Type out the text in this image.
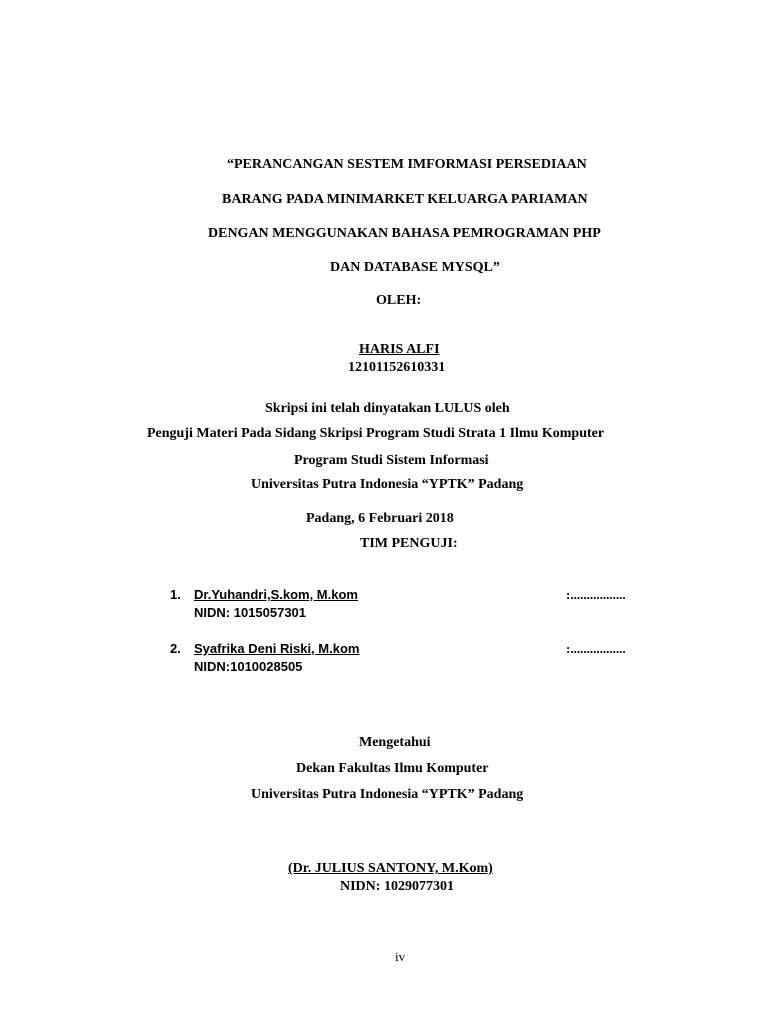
“PERANCANGAN SESTEM IMFORMASI PERSEDIAAN
BARANG PADA MINIMARKET KELUARGA PARIAMAN
DENGAN MENGGUNAKAN BAHASA PEMROGRAMAN PHP
DAN DATABASE MYSQL”
OLEH:
HARIS ALFI
12101152610331
Skripsi ini telah dinyatakan LULUS oleh
Penguji Materi Pada Sidang Skripsi Program Studi Strata 1 Ilmu Komputer
Program Studi Sistem Informasi
Universitas Putra Indonesia “YPTK” Padang
Padang, 6 Februari 2018
TIM PENGUJI:
1. Dr.Yuhandri,S.kom, M.kom	:.................
NIDN: 1015057301
2. Syafrika Deni Riski, M.kom	:.................
NIDN:1010028505
Mengetahui
Dekan Fakultas Ilmu Komputer
Universitas Putra Indonesia “YPTK” Padang
(Dr. JULIUS SANTONY, M.Kom)
NIDN: 1029077301
iv
